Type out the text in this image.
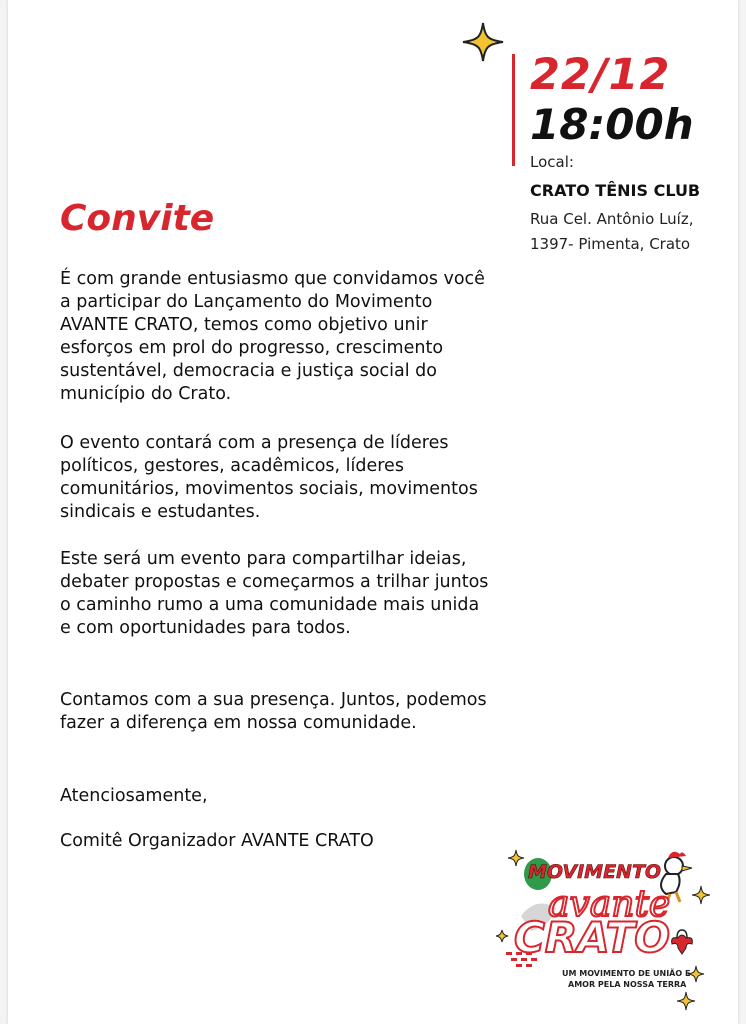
22/12
18:00h
Local:
CRATO TÊNIS CLUB
Rua Cel. Antônio Luíz,
1397- Pimenta, Crato
Convite
É com grande entusiasmo que convidamos você a participar do Lançamento do Movimento AVANTE CRATO, temos como objetivo unir esforços em prol do progresso, crescimento sustentável, democracia e justiça social do município do Crato.
O evento contará com a presença de líderes políticos, gestores, acadêmicos, líderes comunitários, movimentos sociais, movimentos sindicais e estudantes.
Este será um evento para compartilhar ideias, debater propostas e começarmos a trilhar juntos o caminho rumo a uma comunidade mais unida e com oportunidades para todos.
Contamos com a sua presença. Juntos, podemos fazer a diferença em nossa comunidade.
Atenciosamente,
Comitê Organizador AVANTE CRATO
MOVIMENTO
avante
CRATO
UM MOVIMENTO DE UNIÃO E
AMOR PELA NOSSA TERRA
